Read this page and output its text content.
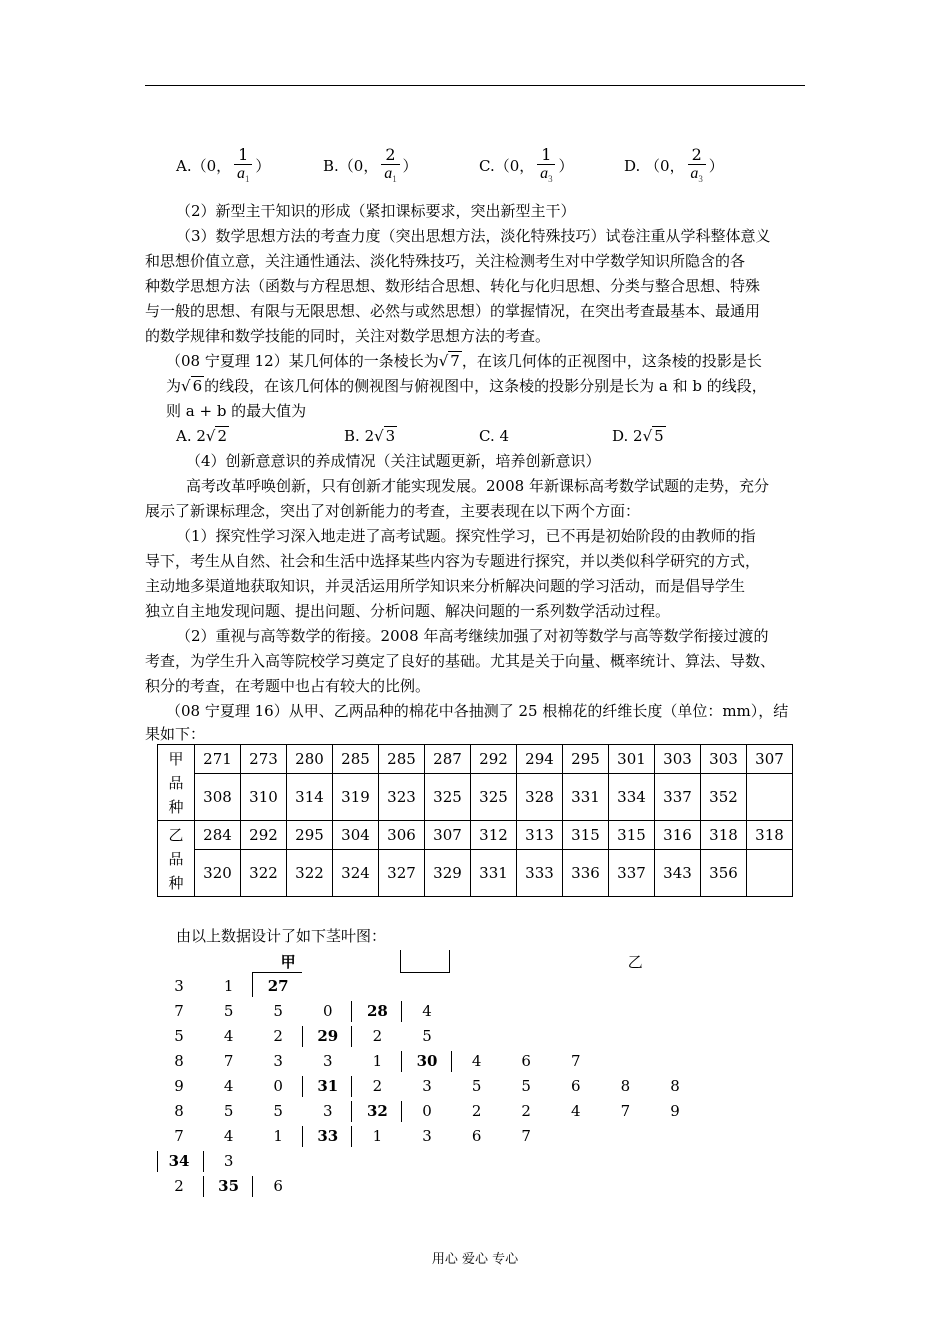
A.（0， $\frac{1}{a_1}$ ）	B.（0， $\frac{2}{a_1}$ ）	C.（0， $\frac{1}{a_3}$ ）	D. （0， $\frac{2}{a_3}$ ）
（2）新型主干知识的形成（紧扣课标要求，突出新型主干）
（3）数学思想方法的考查力度（突出思想方法，淡化特殊技巧）试卷注重从学科整体意义
和思想价值立意，关注通性通法、淡化特殊技巧，关注检测考生对中学数学知识所隐含的各
种数学思想方法（函数与方程思想、数形结合思想、转化与化归思想、分类与整合思想、特殊
与一般的思想、有限与无限思想、必然与或然思想）的掌握情况，在突出考查最基本、最通用
的数学规律和数学技能的同时，关注对数学思想方法的考查。
（08 宁夏理 12）某几何体的一条棱长为√ 7 ，在该几何体的正视图中，这条棱的投影是长
为√ 6 的线段，在该几何体的侧视图与俯视图中，这条棱的投影分别是长为 a 和 b 的线段，
则 a + b 的最大值为
A. 2√ 2	B. 2√ 3	C. 4	D. 2√ 5
（4）创新意意识的养成情况（关注试题更新，培养创新意识）
高考改革呼唤创新，只有创新才能实现发展。2008 年新课标高考数学试题的走势，充分
展示了新课标理念，突出了对创新能力的考查，主要表现在以下两个方面：
（1）探究性学习深入地走进了高考试题。探究性学习，已不再是初始阶段的由教师的指
导下，考生从自然、社会和生活中选择某些内容为专题进行探究，并以类似科学研究的方式，
主动地多渠道地获取知识，并灵活运用所学知识来分析解决问题的学习活动，而是倡导学生
独立自主地发现问题、提出问题、分析问题、解决问题的一系列数学活动过程。
（2）重视与高等数学的衔接。2008 年高考继续加强了对初等数学与高等数学衔接过渡的
考查，为学生升入高等院校学习奠定了良好的基础。尤其是关于向量、概率统计、算法、导数、
积分的考查，在考题中也占有较大的比例。
（08 宁夏理 16）从甲、乙两品种的棉花中各抽测了 25 根棉花的纤维长度（单位：mm），结
果如下：
甲
品
种	271	273	280	285	285	287	292	294	295	301	303	303	307
	308	310	314	319	323	325	325	328	331	334	337	352	

乙
品
种	284	292	295	304	306	307	312	313	315	315	316	318	318
	320	322	322	324	327	329	331	333	336	337	343	356	
由以上数据设计了如下茎叶图：
甲	乙
3	1	27
7	5	5	0	28	4
5	4	2	29	2	5
8	7	3	3	1	30	4	6	7
9	4	0	31	2	3	5	5	6	8	8
8	5	5	3	32	0	2	2	4	7	9
7	4	1	33	1	3	6	7
34	3
2	35	6
用心 爱心 专心
